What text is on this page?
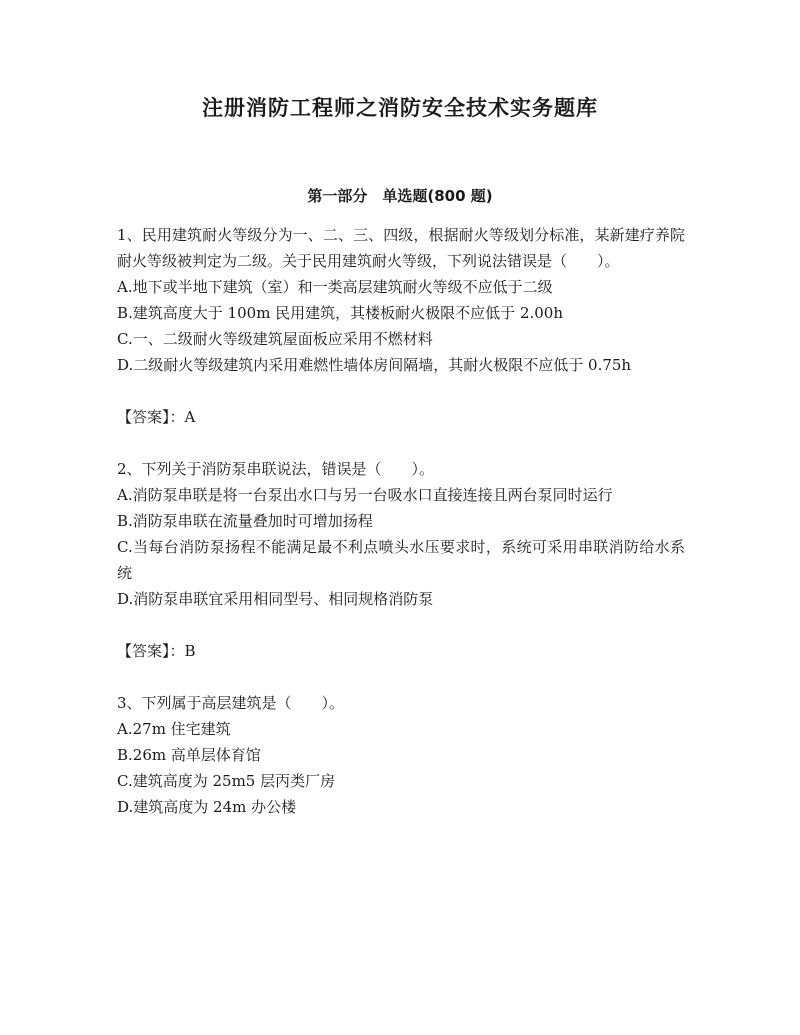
注册消防工程师之消防安全技术实务题库
第一部分　单选题(800 题)

1、民用建筑耐火等级分为一、二、三、四级，根据耐火等级划分标准，某新建疗养院耐火等级被判定为二级。关于民用建筑耐火等级，下列说法错误是（　　）。

A.地下或半地下建筑（室）和一类高层建筑耐火等级不应低于二级

B.建筑高度大于 100m 民用建筑，其楼板耐火极限不应低于 2.00h

C.一、二级耐火等级建筑屋面板应采用不燃材料

D.二级耐火等级建筑内采用难燃性墙体房间隔墙，其耐火极限不应低于 0.75h

【答案】：A

2、下列关于消防泵串联说法，错误是（　　）。

A.消防泵串联是将一台泵出水口与另一台吸水口直接连接且两台泵同时运行

B.消防泵串联在流量叠加时可增加扬程

C.当每台消防泵扬程不能满足最不利点喷头水压要求时，系统可采用串联消防给水系统

D.消防泵串联宜采用相同型号、相同规格消防泵

【答案】：B

3、下列属于高层建筑是（　　）。

A.27m 住宅建筑

B.26m 高单层体育馆

C.建筑高度为 25m5 层丙类厂房

D.建筑高度为 24m 办公楼
